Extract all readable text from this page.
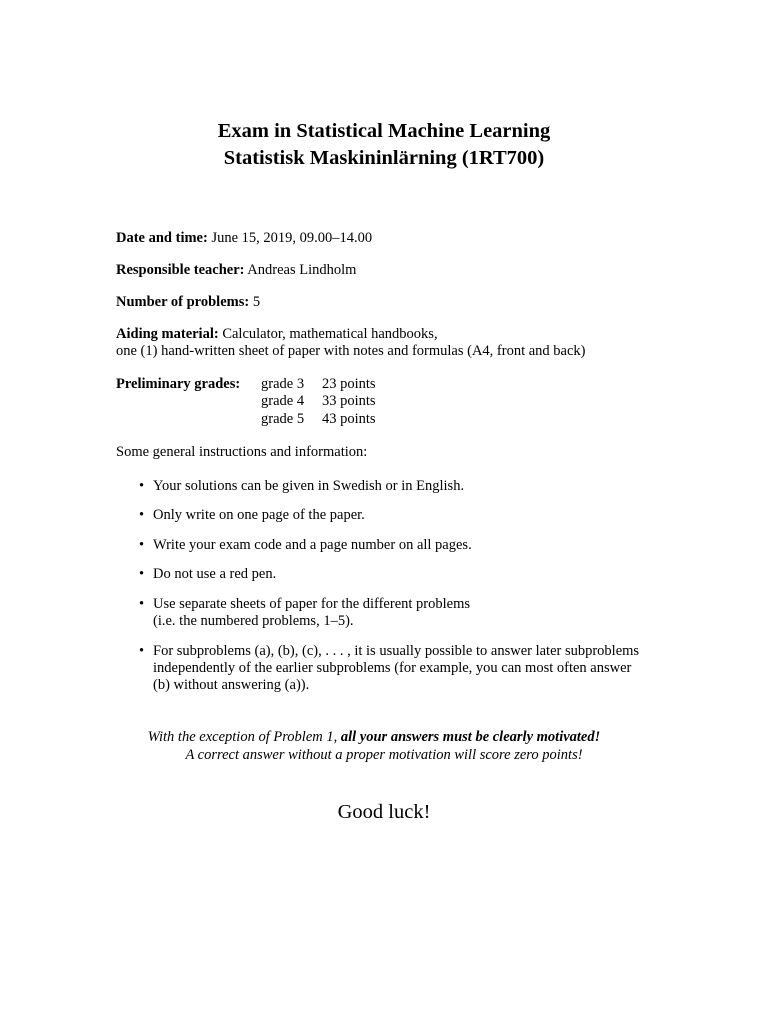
Exam in Statistical Machine Learning
Statistisk Maskininlärning (1RT700)
Date and time: June 15, 2019, 09.00–14.00
Responsible teacher: Andreas Lindholm
Number of problems: 5
Aiding material: Calculator, mathematical handbooks,
one (1) hand-written sheet of paper with notes and formulas (A4, front and back)
Preliminary grades: grade 3 23 points
grade 4 33 points
grade 5 43 points
Some general instructions and information:
• Your solutions can be given in Swedish or in English.
• Only write on one page of the paper.
• Write your exam code and a page number on all pages.
• Do not use a red pen.
• Use separate sheets of paper for the different problems
(i.e. the numbered problems, 1–5).
• For subproblems (a), (b), (c), . . . , it is usually possible to answer later subproblems
independently of the earlier subproblems (for example, you can most often answer
(b) without answering (a)).
With the exception of Problem 1, all your answers must be clearly motivated!
A correct answer without a proper motivation will score zero points!
Good luck!
